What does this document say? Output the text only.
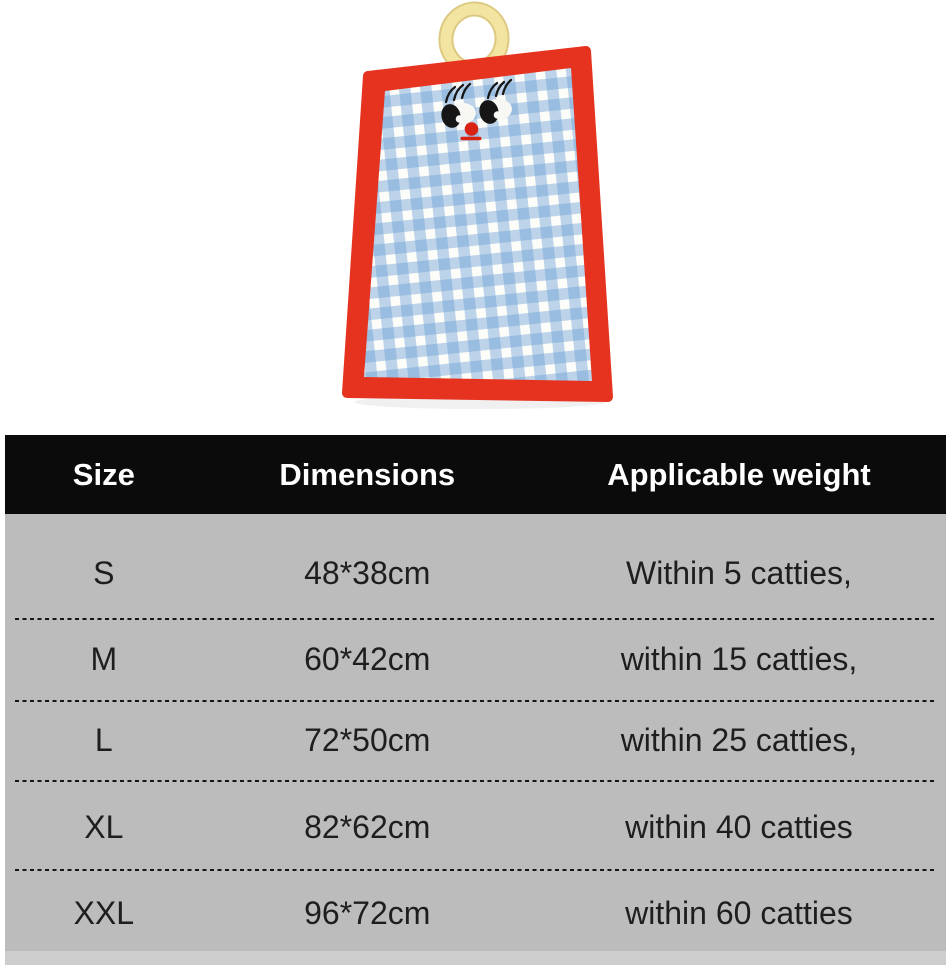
Size	Dimensions	Applicable weight
S	48*38cm	Within 5 catties,
M	60*42cm	within 15 catties,
L	72*50cm	within 25 catties,
XL	82*62cm	within 40 catties
XXL	96*72cm	within 60 catties
